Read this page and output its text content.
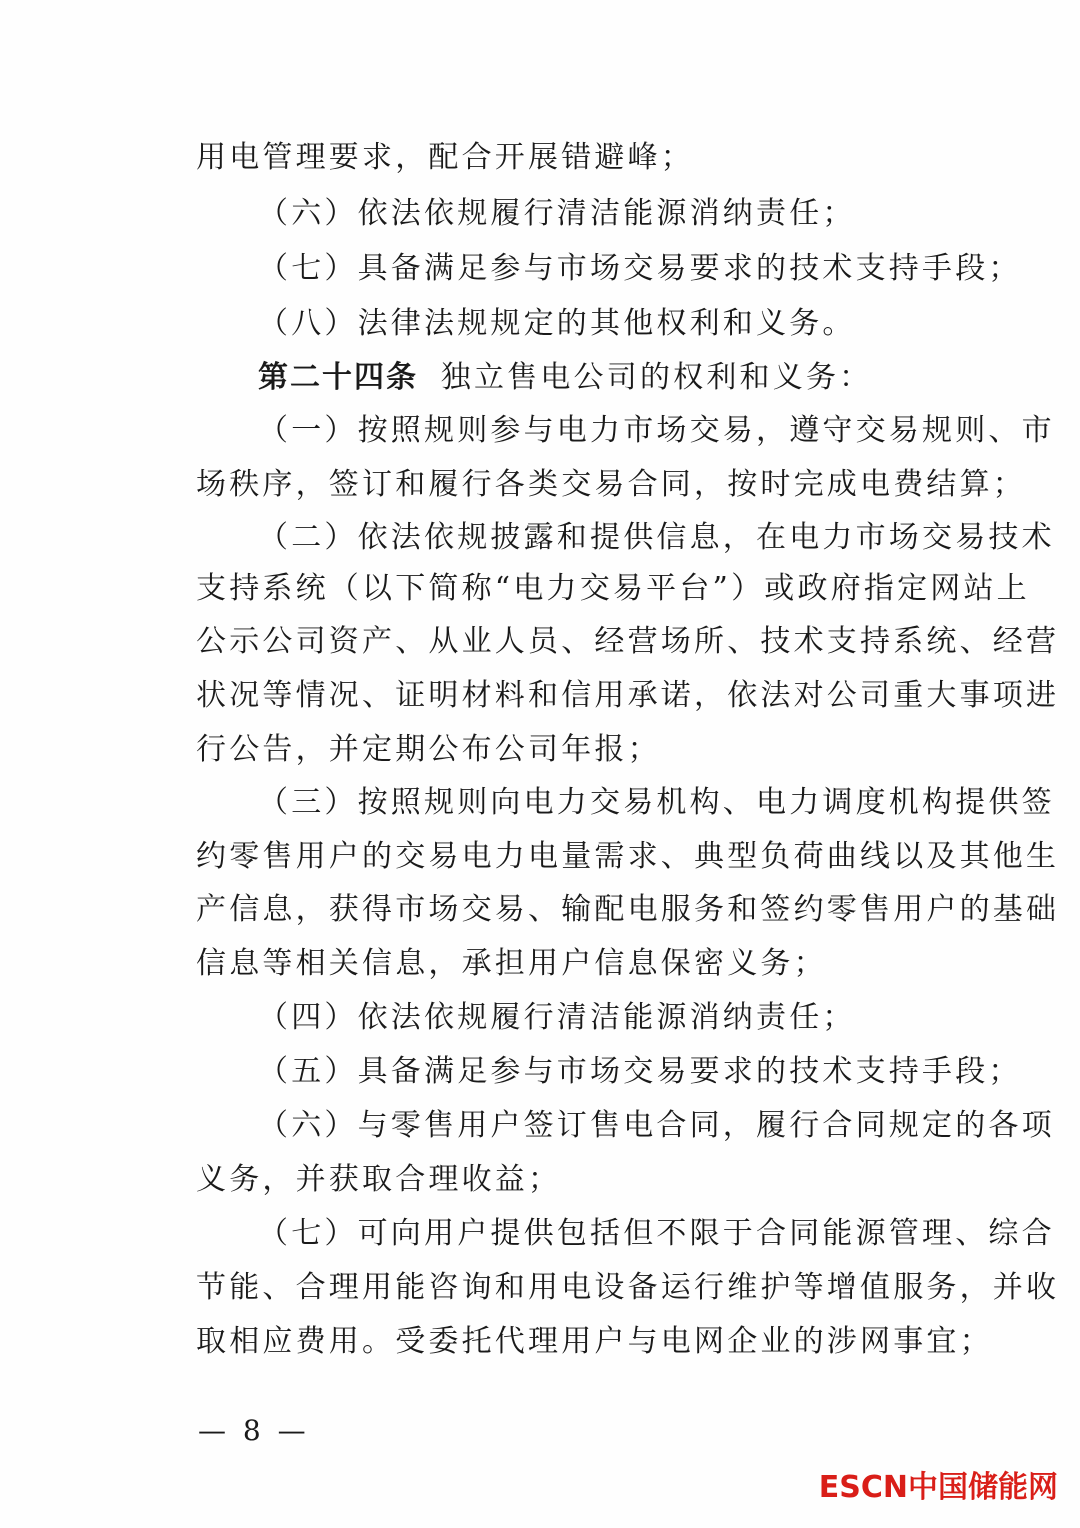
用电管理要求，配合开展错避峰；
（六）依法依规履行清洁能源消纳责任；
（七）具备满足参与市场交易要求的技术支持手段；
（八）法律法规规定的其他权利和义务。
第二十四条 独立售电公司的权利和义务：
（一）按照规则参与电力市场交易，遵守交易规则、市
场秩序，签订和履行各类交易合同，按时完成电费结算；
（二）依法依规披露和提供信息，在电力市场交易技术
支持系统（以下简称“电力交易平台”）或政府指定网站上
公示公司资产、从业人员、经营场所、技术支持系统、经营
状况等情况、证明材料和信用承诺，依法对公司重大事项进
行公告，并定期公布公司年报；
（三）按照规则向电力交易机构、电力调度机构提供签
约零售用户的交易电力电量需求、典型负荷曲线以及其他生
产信息，获得市场交易、输配电服务和签约零售用户的基础
信息等相关信息，承担用户信息保密义务；
（四）依法依规履行清洁能源消纳责任；
（五）具备满足参与市场交易要求的技术支持手段；
（六）与零售用户签订售电合同，履行合同规定的各项
义务，并获取合理收益；
（七）可向用户提供包括但不限于合同能源管理、综合
节能、合理用能咨询和用电设备运行维护等增值服务，并收
取相应费用。受委托代理用户与电网企业的涉网事宜；
— 8 —
ESCN中国储能网
